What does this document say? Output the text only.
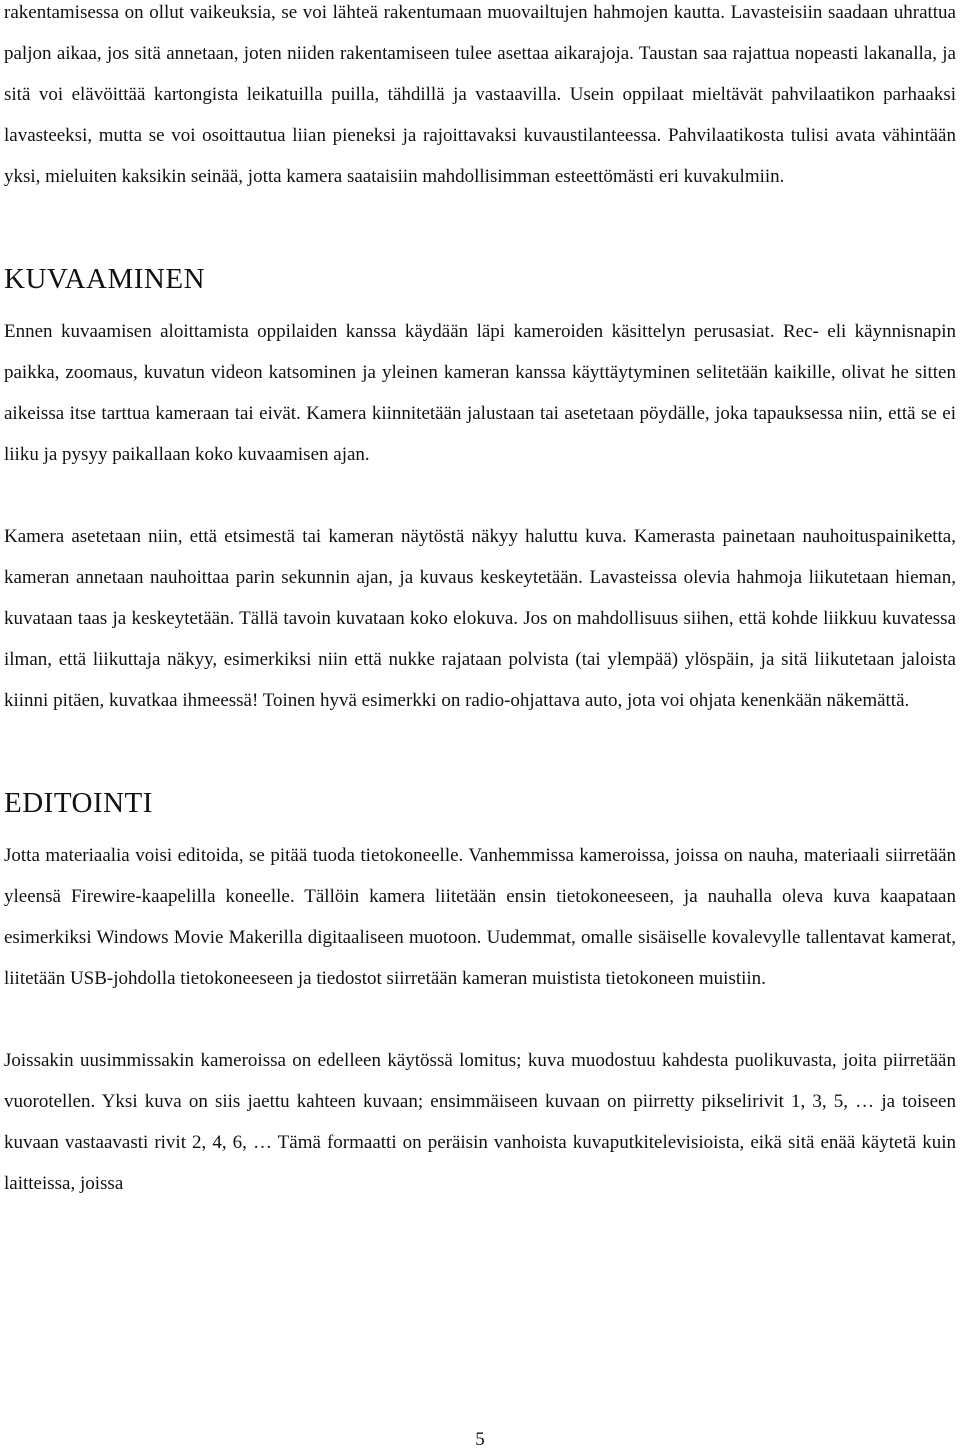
rakentamisessa on ollut vaikeuksia, se voi lähteä rakentumaan muovailtujen hahmojen kautta. Lavasteisiin saadaan uhrattua paljon aikaa, jos sitä annetaan, joten niiden rakentamiseen tulee asettaa aikarajoja. Taustan saa rajattua nopeasti lakanalla, ja sitä voi elävöittää kartongista leikatuilla puilla, tähdillä ja vastaavilla. Usein oppilaat mieltävät pahvilaatikon parhaaksi lavasteeksi, mutta se voi osoittautua liian pieneksi ja rajoittavaksi kuvaustilanteessa. Pahvilaatikosta tulisi avata vähintään yksi, mieluiten kaksikin seinää, jotta kamera saataisiin mahdollisimman esteettömästi eri kuvakulmiin.

KUVAAMINEN

Ennen kuvaamisen aloittamista oppilaiden kanssa käydään läpi kameroiden käsittelyn perusasiat. Rec- eli käynnisnapin paikka, zoomaus, kuvatun videon katsominen ja yleinen kameran kanssa käyttäytyminen selitetään kaikille, olivat he sitten aikeissa itse tarttua kameraan tai eivät. Kamera kiinnitetään jalustaan tai asetetaan pöydälle, joka tapauksessa niin, että se ei liiku ja pysyy paikallaan koko kuvaamisen ajan.

Kamera asetetaan niin, että etsimestä tai kameran näytöstä näkyy haluttu kuva. Kamerasta painetaan nauhoituspainiketta, kameran annetaan nauhoittaa parin sekunnin ajan, ja kuvaus keskeytetään. Lavasteissa olevia hahmoja liikutetaan hieman, kuvataan taas ja keskeytetään. Tällä tavoin kuvataan koko elokuva. Jos on mahdollisuus siihen, että kohde liikkuu kuvatessa ilman, että liikuttaja näkyy, esimerkiksi niin että nukke rajataan polvista (tai ylempää) ylöspäin, ja sitä liikutetaan jaloista kiinni pitäen, kuvatkaa ihmeessä! Toinen hyvä esimerkki on radio-ohjattava auto, jota voi ohjata kenenkään näkemättä.

EDITOINTI

Jotta materiaalia voisi editoida, se pitää tuoda tietokoneelle. Vanhemmissa kameroissa, joissa on nauha, materiaali siirretään yleensä Firewire-kaapelilla koneelle. Tällöin kamera liitetään ensin tietokoneeseen, ja nauhalla oleva kuva kaapataan esimerkiksi Windows Movie Makerilla digitaaliseen muotoon. Uudemmat, omalle sisäiselle kovalevylle tallentavat kamerat, liitetään USB-johdolla tietokoneeseen ja tiedostot siirretään kameran muistista tietokoneen muistiin.

Joissakin uusimmissakin kameroissa on edelleen käytössä lomitus; kuva muodostuu kahdesta puolikuvasta, joita piirretään vuorotellen. Yksi kuva on siis jaettu kahteen kuvaan; ensimmäiseen kuvaan on piirretty pikselirivit 1, 3, 5, … ja toiseen kuvaan vastaavasti rivit 2, 4, 6, … Tämä formaatti on peräisin vanhoista kuvaputkitelevisioista, eikä sitä enää käytetä kuin laitteissa, joissa

5
